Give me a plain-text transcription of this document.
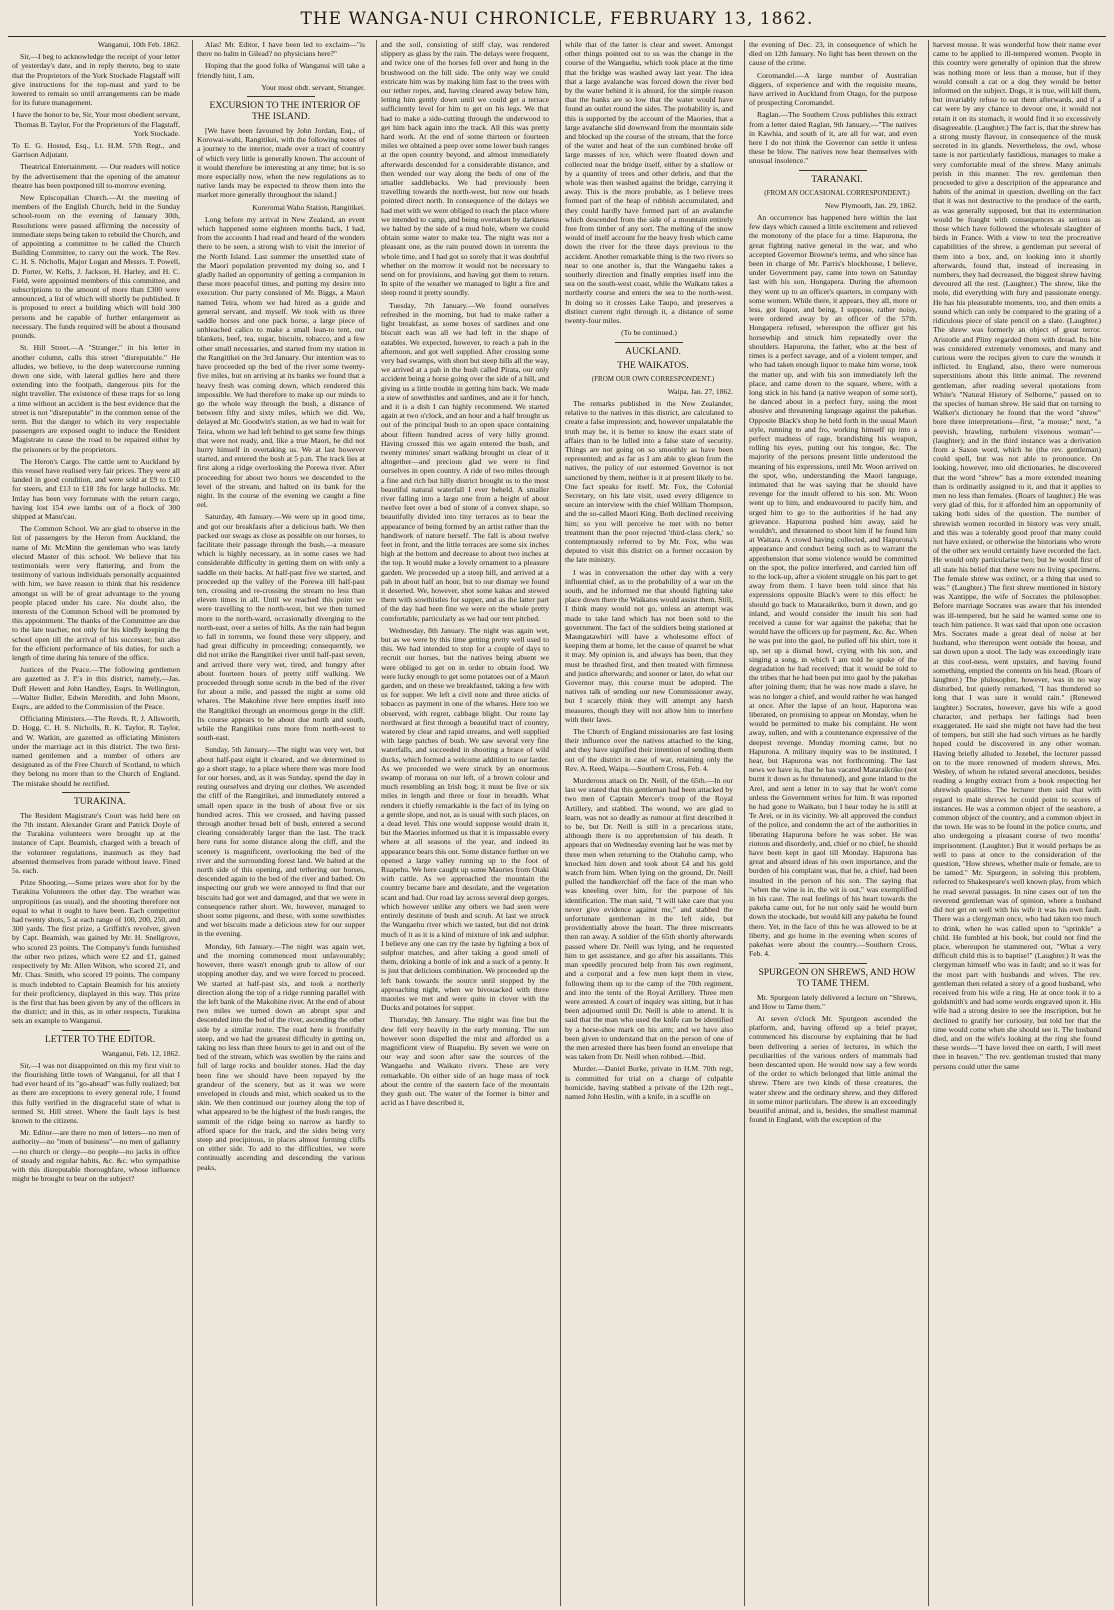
THE WANGA-NUI CHRONICLE, FEBRUARY 13, 1862.

Wanganui, 10th Feb. 1862.

Sir,—I beg to acknowledge the receipt of your letter of yesterday's date, and in reply thereto, beg to state that the Proprietors of the York Stockade Flagstaff will give instructions for the top-mast and yard to be lowered to remain so until arrangements can be made for its future management.

I have the honor to be, Sir, Your most obedient servant, Thomas B. Taylor, For the Proprietors of the Flagstaff, York Stockade.

To E. G. Hosted, Esq., Lt. H.M. 57th Regt., and Garrison Adjutant.

Theatrical Entertainment. — Our readers will notice by the advertisement that the opening of the amateur theatre has been postponed till to-morrow evening.

New Episcopalian Church.—At the meeting of members of the English Church, held in the Sunday school-room on the evening of January 30th, Resolutions were passed affirming the necessity of immediate steps being taken to rebuild the Church, and of appointing a committee to be called the Church Building Committee, to carry out the work. The Rev. C. H. S. Nicholls, Major Logan and Messrs. T. Powell, D. Porter, W. Kells, J. Jackson, H. Harley, and H. C. Field, were appointed members of this committee, and subscriptions to the amount of more than £300 were announced, a list of which will shortly be published. It is proposed to erect a building which will hold 300 persons and be capable of further enlargement as necessary. The funds required will be about a thousand pounds.

St. Hill Street.—A "Stranger," in his letter in another column, calls this street "disreputable." He alludes, we believe, to the deep watercourse running down one side, with lateral gullies here and there extending into the footpath, dangerous pits for the night traveller. The existence of these traps for so long a time without an accident is the best evidence that the street is not "disreputable" in the common sense of the term. But the danger to which its very respectable passengers are exposed ought to induce the Resident Magistrate to cause the road to be repaired either by the prisoners or by the proprietors.

The Heron's Cargo. The cattle sent to Auckland by this vessel have realised very fair prices. They were all landed in good condition, and were sold at £9 to £10 for steers, and £13 to £18 18s for large bullocks. Mr. Imlay has been very fortunate with the return cargo, having lost 154 ewe lambs out of a flock of 300 shipped at Manu'cau.

The Common School. We are glad to observe in the list of passengers by the Heron from Auckland, the name of Mr. McMinn the gentleman who was lately elected Master of this school. We believe that his testimonials were very flattering, and from the testimony of various individuals personally acquainted with him, we have reason to think that his residence amongst us will be of great advantage to the young people placed under his care. No doubt also, the interests of the Common School will be promoted by this appointment. The thanks of the Committee are due to the late teacher, not only for his kindly keeping the school open till the arrival of his successor; but also for the efficient performance of his duties, for such a length of time during his tenure of the office.

Justices of the Peace.—The following gentlemen are gazetted as J. P.'s in this district, namely,—Jas. Duff Hewett and John Handley, Esqrs. In Wellington,—Walter Buller, Edwin Meredith, and John Moore, Esqrs., are added to the Commission of the Peace.

Officiating Ministers.—The Revds. R. J. Allsworth, D. Hogg, C. H. S. Nicholls, R. K. Taylor, R. Taylor, and W. Watkin, are gazetted as officiating Ministers under the marriage act in this district. The two first-named gentlemen and a number of others are designated as of the Free Church of Scotland, to which they belong no more than to the Church of England. The mistake should be rectified.

TURAKINA.

The Resident Magistrate's Court was held here on the 7th instant. Alexander Grant and Patrick Doyle of the Turakina volunteers were brought up at the instance of Capt. Beamish, charged with a breach of the volunteer regulations, inasmuch as they had absented themselves from parade without leave. Fined 5s. each.

Prize Shooting.—Some prizes were shot for by the Turakina Volunteers the other day. The weather was unpropitious (as usual), and the shooting therefore not equal to what it ought to have been. Each competitor had twenty shots, 5 at each range of 100, 200, 250, and 300 yards. The first prize, a Griffith's revolver, given by Capt. Beamish, was gained by Mr. H. Snellgrove, who scored 23 points. The Company's funds furnished the other two prizes, which were £2 and £1, gained respectively by Mr. Allen Wilson, who scored 21, and Mr. Chas. Smith, who scored 19 points. The company is much indebted to Captain Beamish for his anxiety for their proficiency, displayed in this way. This prize is the first that has been given by any of the officers in the district; and in this, as in other respects, Turakina sets an example to Wanganui.

LETTER TO THE EDITOR.

Wanganui, Feb. 12, 1862.

Sir,—I was not disappointed on this my first visit to the flourishing little town of Wanganui, for all that I had ever heard of its "go-ahead" was fully realized; but as there are exceptions to every general rule, I found this fully verified in the disgraceful state of what is termed St. Hill street. Where the fault lays is best known to the citizens.

Mr. Editor—are there no men of letters—no men of authority—no "men of business"—no men of gallantry—no church or clergy—no people—no jacks in office of steady and regular habits, &c. &c. who sympathise with this disreputable thoroughfare, whose influence might be brought to bear on the subject?

Alas! Mr. Editor, I have been led to exclaim—"is there no balm in Gilead? no physicians here?"

Hoping that the good folks of Wanganui will take a friendly hint, I am,

Your most obdt. servant, Stranger.

EXCURSION TO THE INTERIOR OF THE ISLAND.

[We have been favoured by John Jordan, Esq., of Korowai-wahi, Rangitikei, with the following notes of a journey to the interior, made over a tract of country of which very little is generally known. The account of it would therefore be interesting at any time; but is so more especially now, when the new regulations as to native lands may be expected to throw them into the market more generally throughout the island.]

Koreromai Waho Station, Rangitikei.

Long before my arrival in New Zealand, an event which happened some eighteen months back, I had, from the accounts I had read and heard of the wonders there to be seen, a strong wish to visit the interior of the North Island. Last summer the unsettled state of the Maori population prevented my doing so, and I gladly hailed an opportunity of getting a companion in these more peaceful times, and putting my desire into execution. Our party consisted of Mr. Biggs, a Maori named Teira, whom we had hired as a guide and general servant, and myself. We took with us three saddle horses and one pack horse, a large piece of unbleached calico to make a small lean-to tent, our blankets, beef, tea, sugar, biscuits, tobacco, and a few other small necessaries, and started from my station in the Rangitikei on the 3rd January. Our intention was to have proceeded up the bed of the river some twenty-five miles, but on arriving at its banks we found that a heavy fresh was coming down, which rendered this impossible. We had therefore to make up our minds to go the whole way through the bush, a distance of between fifty and sixty miles, which we did. We, delayed at Mr. Goodwin's station, as we had to wait for Teira, whom we had left behind to get some few things that were not ready, and, like a true Maori, he did not hurry himself in overtaking us. We at last however started, and entered the bush at 5 p.m. The track lies at first along a ridge overlooking the Porewa river. After proceeding for about two hours we descended to the level of the stream, and halted on its bank for the night. In the course of the evening we caught a fine eel.

Saturday, 4th January.—We were up in good time, and got our breakfasts after a delicious bath. We then packed our swags as close as possible on our horses, to facilitate their passage through the bush,—a measure which is highly necessary, as in some cases we had considerable difficulty in getting them on with only a saddle on their backs. At half-past five we started, and proceeded up the valley of the Porewa till half-past ten, crossing and re-crossing the stream no less than eleven times in all. Until we reached this point we were travelling to the north-west, but we then turned more to the north-ward, occasionally diverging to the north-east, over a series of hills. As the rain had begun to fall in torrents, we found these very slippery, and had great difficulty in proceeding; consequently, we did not strike the Rangitikei river until half-past seven, and arrived there very wet, tired, and hungry after about fourteen hours of pretty stiff walking. We proceeded through some scrub in the bed of the river for about a mile, and passed the night at some old whares. The Makohine river here empties itself into the Rangitikei through an enormous gorge in the cliff. Its course appears to be about due north and south, while the Rangitikei runs more from north-west to south-east.

Sunday, 5th January.—The night was very wet, but about half-past eight it cleared, and we determined to go a short stage, to a place where there was more food for our horses, and, as it was Sunday, spend the day in resting ourselves and drying our clothes. We ascended the cliff of the Rangitikei, and immediately entered a small open space in the bush of about five or six hundred acres. This we crossed, and having passed through another broad belt of bush, entered a second clearing considerably larger than the last. The track here runs for some distance along the cliff, and the scenery is magnificent, overlooking the bed of the river and the surrounding forest land. We halted at the north side of this opening, and tethering our horses, descended again to the bed of the river and bathed. On inspecting our grub we were annoyed to find that our biscuits had got wet and damaged, and that we were in consequence rather short. We, however, managed to shoot some pigeons, and these, with some sowthistles and wet biscuits made a delicious stew for our supper in the evening.

Monday, 6th January.—The night was again wet, and the morning commenced most unfavourably; however, there wasn't enough grub to allow of our stopping another day, and we were forced to proceed. We started at half-past six, and took a northerly direction along the top of a ridge running parallel with the left bank of the Makohine river. At the end of about two miles we turned down an abrupt spur and descended into the bed of the river, ascending the other side by a similar route. The road here is frontfully steep, and we had the greatest difficulty in getting on, taking no less than three hours to get in and out of the bed of the stream, which was swollen by the rains and full of large rocks and boulder stones. Had the day been fine we should have been repayed by the grandeur of the scenery, but as it was we were enveloped in clouds and mist, which soaked us to the skin. We then continued our journey along the top of what appeared to be the highest of the bush ranges, the summit of the ridge being so narrow as hardly to afford space for the track, and the sides being very steep and precipitous, in places almost forming cliffs on either side. To add to the difficulties, we were continually ascending and descending the various peaks,

and the soil, consisting of stiff clay, was rendered slippery as glass by the rain. The delays were frequent, and twice one of the horses fell over and hung in the brushwood on the hill side. The only way we could extricate him was by making him fast to the trees with our tether ropes, and, having cleared away below him, letting him gently down until we could get a terrace sufficiently level for him to get on his legs. We that had to make a side-cutting through the underwood to get him back again into the track. All this was pretty hard work. At the end of some thirteen or fourteen miles we obtained a peep over some lower bush ranges at the open country beyond, and almost immediately afterwards descended for a considerable distance, and then wended our way along the beds of one of the smaller saddlebacks. We had previously been travelling towards the north-west, but now our heads pointed direct north. In consequence of the delays we had met with we were obliged to reach the place where we intended to camp, and being overtaken by darkness we halted by the side of a mud hole, where we could obtain some water to make tea. The night was not a pleasant one, as the rain poured down in torrents the whole time, and I had got so sorely that it was doubtful whether on the morrow it would not be necessary to send on for provisions, and having got them to return. In spite of the weather we managed to light a fire and sleep round it pretty soundly.

Tuesday, 7th January.—We found ourselves refreshed in the morning, but had to make rather a light breakfast, as some boxes of sardines and one biscuit each was all we had left in the shape of eatables. We expected, however, to reach a pah in the afternoon, and got well supplied. After crossing some very bad swamps, with short but steep hills all the way, we arrived at a pah in the bush called Pirata, our only accident being a horse going over the side of a hill, and giving us a little trouble in getting him back. We made a stew of sowthistles and sardines, and ate it for lunch, and it is a dish I can highly recommend. We started again at two o'clock, and an hour and a half brought us out of the principal bush to an open space containing about fifteen hundred acres of very hilly ground. Having crossed this we again entered the bush, and twenty minutes' smart walking brought us clear of it altogether—and precious glad we were to find ourselves in open country. A ride of two miles through a fine and rich but hilly district brought us to the most beautiful natural waterfall I ever beheld. A smaller river falling into a large one from a height of about twelve feet over a bed of stone of a convex shape, so beautifully divided into tiny terraces as to bear the appearance of being formed by an artist rather than the handiwork of nature herself. The fall is about twelve feet in front, and the little terraces are some six inches high at the bottom and decrease to about two inches at the top. It would make a lovely ornament to a pleasure garden. We proceeded up a steep hill, and arrived at a pah in about half an hour, but to our dismay we found it deserted. We, however, shot some kakas and stewed them with sowthistles for supper, and as the latter part of the day had been fine we were on the whole pretty comfortable, particularly as we had our tent pitched.

Wednesday, 8th January. The night was again wet, but as we were by this time getting pretty well used to this. We had intended to stop for a couple of days to recruit our horses, but the natives being absent we were obliged to get on in order to obtain food. We were lucky enough to get some potatoes out of a Maori garden, and on these we breakfasted, taking a few with us for supper. We left a civil note and three sticks of tobacco as payment in one of the whares. Here too we observed, with regret, cabbage blight. Our route lay northward at first through a beautiful tract of country, watered by clear and rapid streams, and well supplied with large patches of bush. We saw several very fine waterfalls, and succeeded in shooting a brace of wild ducks, which formed a welcome addition to our larder. As we proceeded we were struck by an enormous swamp of moraua on our left, of a brown colour and much resembling an Irish bog; it must be five or six miles in length and three or four in breadth. What renders it chiefly remarkable is the fact of its lying on a gentle slope, and not, as is usual with such places, on a dead level. This one would suppose would drain it, but the Maories informed us that it is impassable every where at all seasons of the year, and indeed its appearance bears this out. Some distance further on we opened a large valley running up to the foot of Ruapehu. We here caught up some Maories from Otaki with cattle. As we approached the mountain the country became bare and desolate, and the vegetation scant and bad. Our road lay across several deep gorges, which however unlike any others we had seen were entirely destitute of bush and scrub. At last we struck the Wangaehu river which we tasted, but did not drink much of it as it is a kind of mixture of ink and sulphur. I believe any one can try the taste by lighting a box of sulphur matches, and after taking a good smell of them, drinking a bottle of ink and a suck of a penny. It is just that delicious combination. We proceeded up the left bank towards the source until stopped by the approaching night, when we bivouacked with three maories we met and were quite in clover with the Ducks and potatoes for supper.

Thursday, 9th January. The night was fine but the dew fell very heavily in the early morning. The sun however soon dispelled the mist and afforded us a magnificent view of Ruapehu. By seven we were on our way and soon after saw the sources of the Wangaehu and Waikato rivers. These are very remarkable. On either side of an huge mass of rock about the centre of the eastern face of the mountain they gush out. The water of the former is bitter and acrid as I have described it,

while that of the latter is clear and sweet. Amongst other things pointed out to us was the change in the course of the Wangaehu, which took place at the time that the bridge was washed away last year. The idea that a large avalanche was forced down the river bed by the water behind it is absurd, for the simple reason that the banks are so low that the water would have found an outlet round the sides. The probability is, and this is supported by the account of the Maories, that a large avalanche slid downward from the mountain side and blocked up the course of the stream, that the force of the water and heat of the sun combined broke off large masses of ice, which were floated down and collected near the bridge itself, either by a shallow or by a quantity of trees and other debris, and that the whole was then washed against the bridge, carrying it away. This is the more probable, as I believe trees formed part of the heap of rubbish accumulated, and they could hardly have formed part of an avalanche which descended from the side of a mountain entirely free from timber of any sort. The melting of the snow would of itself account for the heavy fresh which came down the river for the three days previous to the accident. Another remarkable thing is the two rivers so near to one another is, that the Wangaehu takes a southerly direction and finally empties itself into the sea on the south-west coast, while the Waikato takes a northerly course and enters the sea to the north-west. In doing so it crosses Lake Taupo, and preserves a distinct current right through it, a distance of some twenty-four miles.

(To be continued.)

AUCKLAND.

THE WAIKATOS.

(FROM OUR OWN CORRESPONDENT.)

Waipa, Jan. 27, 1862.

The remarks published in the New Zealander, relative to the natives in this district, are calculated to create a false impression; and, however unpalatable the truth may be, it is better to know the exact state of affairs than to be lulled into a false state of security. Things are not going on so smoothly as have been represented; and as far as I am able to glean from the natives, the policy of our esteemed Governor is not sanctioned by them, neither is it at present likely to be. One fact speaks for itself. Mr. Fox, the Colonial Secretary, on his late visit, used every diligence to secure an interview with the chief William Thompson, and the so-called Maori King. Both declined receiving him; so you will perceive he met with no better treatment than the poor rejected 'third-class clerk,' so contemptuously referred to by Mr. Fox, who was deputed to visit this district on a former occasion by the late ministry.

I was in conversation the other day with a very influential chief, as to the probability of a war on the south, and he informed me that should fighting take place down there the Waikatos would assist them. Still, I think many would not go, unless an attempt was made to take land which has not been sold to the government. The fact of the soldiers being stationed at Maungatawhiri will have a wholesome effect of keeping them at home, let the cause of quarrel be what it may. My opinion is, and always has been, that they must be thrashed first, and then treated with firmness and justice afterwards; and sooner or later, do what our Governor may, this course must be adopted. The natives talk of sending our new Commissioner away, but I scarcely think they will attempt any harsh measures, though they will not allow him to interfere with their laws.

The Church of England missionaries are fast losing their influence over the natives attached to the king, and they have signified their intention of sending them out of the district in case of war, retaining only the Rev. A. Reed, Waipa.—Southern Cross, Feb. 4.

Murderous attack on Dr. Neill, of the 65th.—In our last we stated that this gentleman had been attacked by two men of Captain Mercer's troop of the Royal Artillery, and stabbed. The wound, we are glad to learn, was not so deadly as rumour at first described it to be, but Dr. Neill is still in a precarious state, although there is no apprehension of his death. It appears that on Wednesday evening last he was met by three men when returning to the Otahuhu camp, who knocked him down and took about £4 and his gold watch from him. When lying on the ground, Dr. Neill pulled the handkerchief off the face of the man who was kneeling over him, for the purpose of his identification. The man said, "I will take care that you never give evidence against me," and stabbed the unfortunate gentleman in the left side, but providentially above the heart. The three miscreants then ran away. A soldier of the 65th shortly afterwards passed where Dr. Neill was lying, and he requested him to get assistance, and go after his assailants. This man speedily procured help from his own regiment, and a corporal and a few men kept them in view, following them up to the camp of the 70th regiment, and into the tents of the Royal Artillery. Three men were arrested. A court of inquiry was sitting, but it has been adjourned until Dr. Neill is able to attend. It is said that the man who used the knife can be identified by a horse-shoe mark on his arm; and we have also been given to understand that on the person of one of the men arrested there has been found an envelope that was taken from Dr. Neill when robbed.—Ibid.

Murder.—Daniel Burke, private in H.M. 70th regt, is committed for trial on a charge of culpable homicide, having stabbed a private of the 12th regt., named John Heslin, with a knife, in a scuffle on

the evening of Dec. 23, in consequence of which he died on 12th January. No light has been thrown on the cause of the crime.

Coromandel.—A large number of Australian diggers, of experience and with the requisite means, have arrived in Auckland from Otago, for the purpose of prospecting Coromandel.

Raglan.—The Southern Cross publishes this extract from a letter dated Raglan, 9th January,—"The natives in Kawhia, and south of it, are all for war, and even here I do not think the Governor can settle it unless these be blow. The natives now hear themselves with unusual insolence."

TARANAKI.

(FROM AN OCCASIONAL CORRESPONDENT.)

New Plymouth, Jan. 29, 1862.

An occurrence has happened here within the last few days which caused a little excitement and relieved the monotony of the place for a time. Hapurona, the great fighting native general in the war, and who accepted Governor Browne's terms, and who since has been in charge of Mr. Parris's blockhouse, I believe, under Government pay, came into town on Saturday last with his son, Hongapera. During the afternoon they went up to an officer's quarters, in company with some women. While there, it appears, they all, more or less, got liquor, and being, I suppose, rather noisy, were ordered away by an officer of the 57th. Hongapera refused, whereupon the officer got his horsewhip and struck him repeatedly over the shoulders. Hapurona, the father, who at the best of times is a perfect savage, and of a violent temper, and who had taken enough liquor to make him worse, took the matter up, and with his son immediately left the place, and came down to the square, where, with a long stick in his hand (a native weapon of some sort), he danced about in a perfect fury, using the most abusive and threatening language against the pakehas. Opposite Black's shop he held forth in the usual Maori style, running to and fro, working himself up into a perfect madness of rage, brandishing his weapon, rolling his eyes, putting out his tongue, &c. The majority of the persons present little understood the meaning of his expressions, until Mr. Woon arrived on the spot, who, understanding the Maori language, intimated that he was saying that he should have revenge for the insult offered to his son. Mr. Woon went up to him, and endeavoured to pacify him, and urged him to go to the authorities if he had any grievance. Hapurona pushed him away, said he wouldn't, and threatened to shoot him if he found him at Waitara. A crowd having collected, and Hapurona's appearance and conduct being such as to warrant the apprehension that some violence would be committed on the spot, the police interfered, and carried him off to the lock-up, after a violent struggle on his part to get away from them. I have been told since that his expressions opposite Black's were to this effect: he should go back to Mataraikriko, burn it down, and go inland, and would consider the insult his son had received a cause for war against the pakeha; that he would have the officers up for payment, &c. &c. When he was put into the gaol, he pulled off his shirt, tore it up, set up a dismal howl, crying with his son, and singing a song, in which I am told he spoke of the degradation he had received; that it would be told to the tribes that he had been put into gaol by the pakehas after joining them; that he was now made a slave, he was no longer a chief, and would rather he was hanged at once. After the lapse of an hour, Hapurona was liberated, on promising to appear on Monday, when he would be permitted to make his complaint. He went away, sullen, and with a countenance expressive of the deepest revenge. Monday morning came, but no Hapurona. A military inquiry was to be instituted, I hear, but Hapurona was not forthcoming. The last news we have is, that he has vacated Mataraikriko (not burnt it down as he threatened), and gone inland to the Arei, and sent a letter in to say that he won't come unless the Government writes for him. It was reported he had gone to Waikato, but I hear today he is still at Te Arei, or in its vicinity. We all approved the conduct of the police, and condemn the act of the authorities in liberating Hapurona before he was sober. He was riotous and disorderly, and, chief or no chief, he should have been kept in gaol till Monday. Hapurona has great and absurd ideas of his own importance, and the burden of his complaint was, that he, a chief, had been insulted in the person of his son. The saying that "when the wine is in, the wit is out," was exemplified in his case. The real feelings of his heart towards the pakeha came out, for he not only said he would burn down the stockade, but would kill any pakeha he found there. Yet, in the face of this he was allowed to be at liberty, and go home in the evening when scores of pakehas were about the country.—Southern Cross, Feb. 4.

SPURGEON ON SHREWS, AND HOW TO TAME THEM.

Mr. Spurgeon lately delivered a lecture on "Shrews, and How to Tame them."

At seven o'clock Mr. Spurgeon ascended the platform, and, having offered up a brief prayer, commenced his discourse by explaining that he had been delivering a series of lectures, in which the peculiarities of the various orders of mammals had been descanted upon. He would now say a few words of the order to which belonged that little animal the shrew. There are two kinds of these creatures, the water shrew and the ordinary shrew, and they differed in some minor particulars. The shrew is an exceedingly beautiful animal, and is, besides, the smallest mammal found in England, with the exception of the

harvest mouse. It was wonderful how their name ever came to be applied to ill-tempered women. People in this country were generally of opinion that the shrew was nothing more or less than a mouse, but if they would consult a cat or a dog they would be better informed on the subject. Dogs, it is true, will kill them, but invariably refuse to eat them afterwards, and if a cat were by any chance to devour one, it would not retain it on its stomach, it would find it so excessively disagreeable. (Laughter.) The fact is, that the shrew has a strong musty flavour, in consequence of the musk secreted in its glands. Nevertheless, the owl, whose taste is not particularly fastidious, manages to make a very comfortable meal of the shrew. Many animals perish in this manner. The rev. gentleman then proceeded to give a description of the appearance and habits of the animal in question, dwelling on the fact that it was not destructive to the produce of the earth, as was generally supposed, but that its extermination would be fraught with consequences as serious as those which have followed the wholesale slaughter of birds in France. With a view to test the procreative capabilities of the shrew, a gentleman put several of them into a box, and, on looking into it shortly afterwards, found that, instead of increasing in numbers, they had decreased, the biggest shrew having devoured all the rest. (Laughter.) The shrew, like the mole, did everything with fury and passionate energy. He has his pleasurable moments, too, and then emits a sound which can only be compared to the grating of a ridiculous piece of slate pencil on a slate. (Laughter.) The shrew was formerly an object of great terror. Aristotle and Pliny regarded them with dread. Its bite was considered extremely venomous, and many and curious were the recipes given to cure the wounds it inflicted. In England, also, there were numerous superstitions about this little animal. The reverend gentleman, after reading several quotations from White's "Natural History of Selborne," passed on to the species of human shrew. He said that on turning to Walker's dictionary he found that the word "shrew" bore three interpretations—first, "a mouse;" next, "a peevish, brawling, turbulent vixenous woman"—(laughter); and in the third instance was a derivation from a Saxon word, which he (the rev. gentleman) could spell, but was not able to pronounce. On looking, however, into old dictionaries, he discovered that the word "shrew" has a more extended meaning than is ordinarily assigned to it, and that it applies to men no less than females. (Roars of laughter.) He was very glad of this, for it afforded him an opportunity of taking both sides of the question. The number of shrewish women recorded in history was very small, and this was a tolerably good proof that many could not have existed, or otherwise the historians who wrote of the other sex would certainly have recorded the fact. He would only particularise two; but he would first of all state his belief that there were no living specimens. The female shrew was extinct, or a thing that used to was." (Laughter.) The first shrew mentioned in history was Xantippe, the wife of Socrates the philosopher. Before marriage Socrates was aware that his intended was ill-tempered, but he said he wanted some one to teach him patience. It was said that upon one occasion Mrs. Socrates made a great deal of noise at her husband, who thereupon went outside the house, and sat down upon a stool. The lady was exceedingly irate at this cool-ness, went upstairs, and having found something, emptied the contents on his head. (Roars of laughter.) The philosopher, however, was in no way disturbed, but quietly remarked, "I has thundered so long that I was sure it would rain." (Renewed laughter.) Socrates, however, gave his wife a good character, and perhaps her failings had been exaggerated. He said she might not have had the best of tempers, but still she had such virtues as he hardly hoped could be discovered in any other woman. Having briefly alluded to Jezebel, the lecturer passed on to the more renowned of modern shrews, Mrs. Wesley, of whom he related several anecdotes, besides reading a lengthy extract from a book respecting her shrewish qualities. The lecturer then said that with regard to male shrews he could point to scores of instances. He was a common object of the seashore, a common object of the country, and a common object in the town. He was to be found in the police courts, and also undergoing a pleasant course of two months' imprisonment. (Laughter.) But it would perhaps be as well to pass at once to the consideration of the question, "How shrews, whether male or female, are to be tamed." Mr. Spurgeon, in solving this problem, referred to Shakespeare's well known play, from which he read several passages. In nine cases out of ten the reverend gentleman was of opinion, where a husband did not get on well with his wife it was his own fault. There was a clergyman once, who had taken too much to drink, when he was called upon to "sprinkle" a child. He fumbled at his book, but could not find the place, whereupon he stammered out, "What a very difficult child this is to baptise!" (Laughter.) It was the clergyman himself who was in fault; and so it was for the most part with husbands and wives. The rev. gentleman then related a story of a good husband, who received from his wife a ring. He at once took it to a goldsmith's and had some words engraved upon it. His wife had a strong desire to see the inscription, but he declined to gratify her curiosity, but told her that the time would come when she should see it. The husband died, and on the wife's looking at the ring she found these words—"I have loved thee on earth, I will meet thee in heaven." The rev. gentleman trusted that many persons could utter the same
